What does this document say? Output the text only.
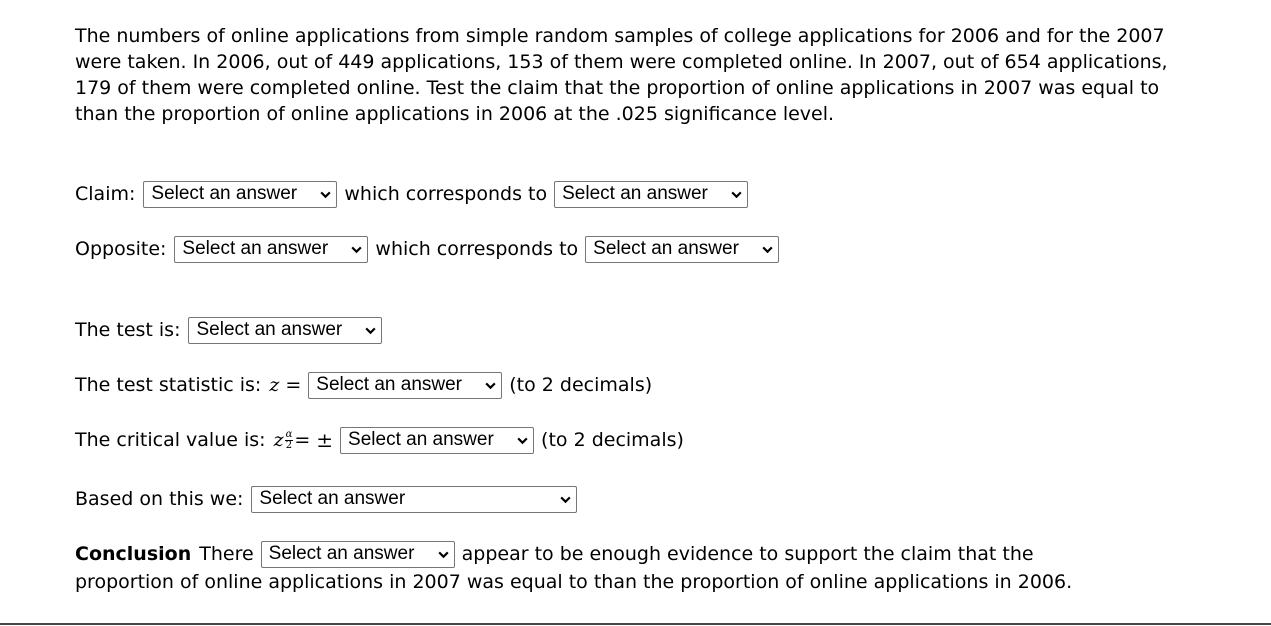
The numbers of online applications from simple random samples of college applications for 2006 and for the 2007 were taken. In 2006, out of 449 applications, 153 of them were completed online. In 2007, out of 654 applications, 179 of them were completed online. Test the claim that the proportion of online applications in 2007 was equal to than the proportion of online applications in 2006 at the .025 significance level.

Claim: Select an answer which corresponds to Select an answer
Opposite: Select an answer which corresponds to Select an answer
The test is: Select an answer
The test statistic is: z = Select an answer (to 2 decimals)
The critical value is: z $\frac{\alpha}{2}$ = ± Select an answer (to 2 decimals)
Based on this we: Select an answer
Conclusion There Select an answer appear to be enough evidence to support the claim that the
proportion of online applications in 2007 was equal to than the proportion of online applications in 2006.
